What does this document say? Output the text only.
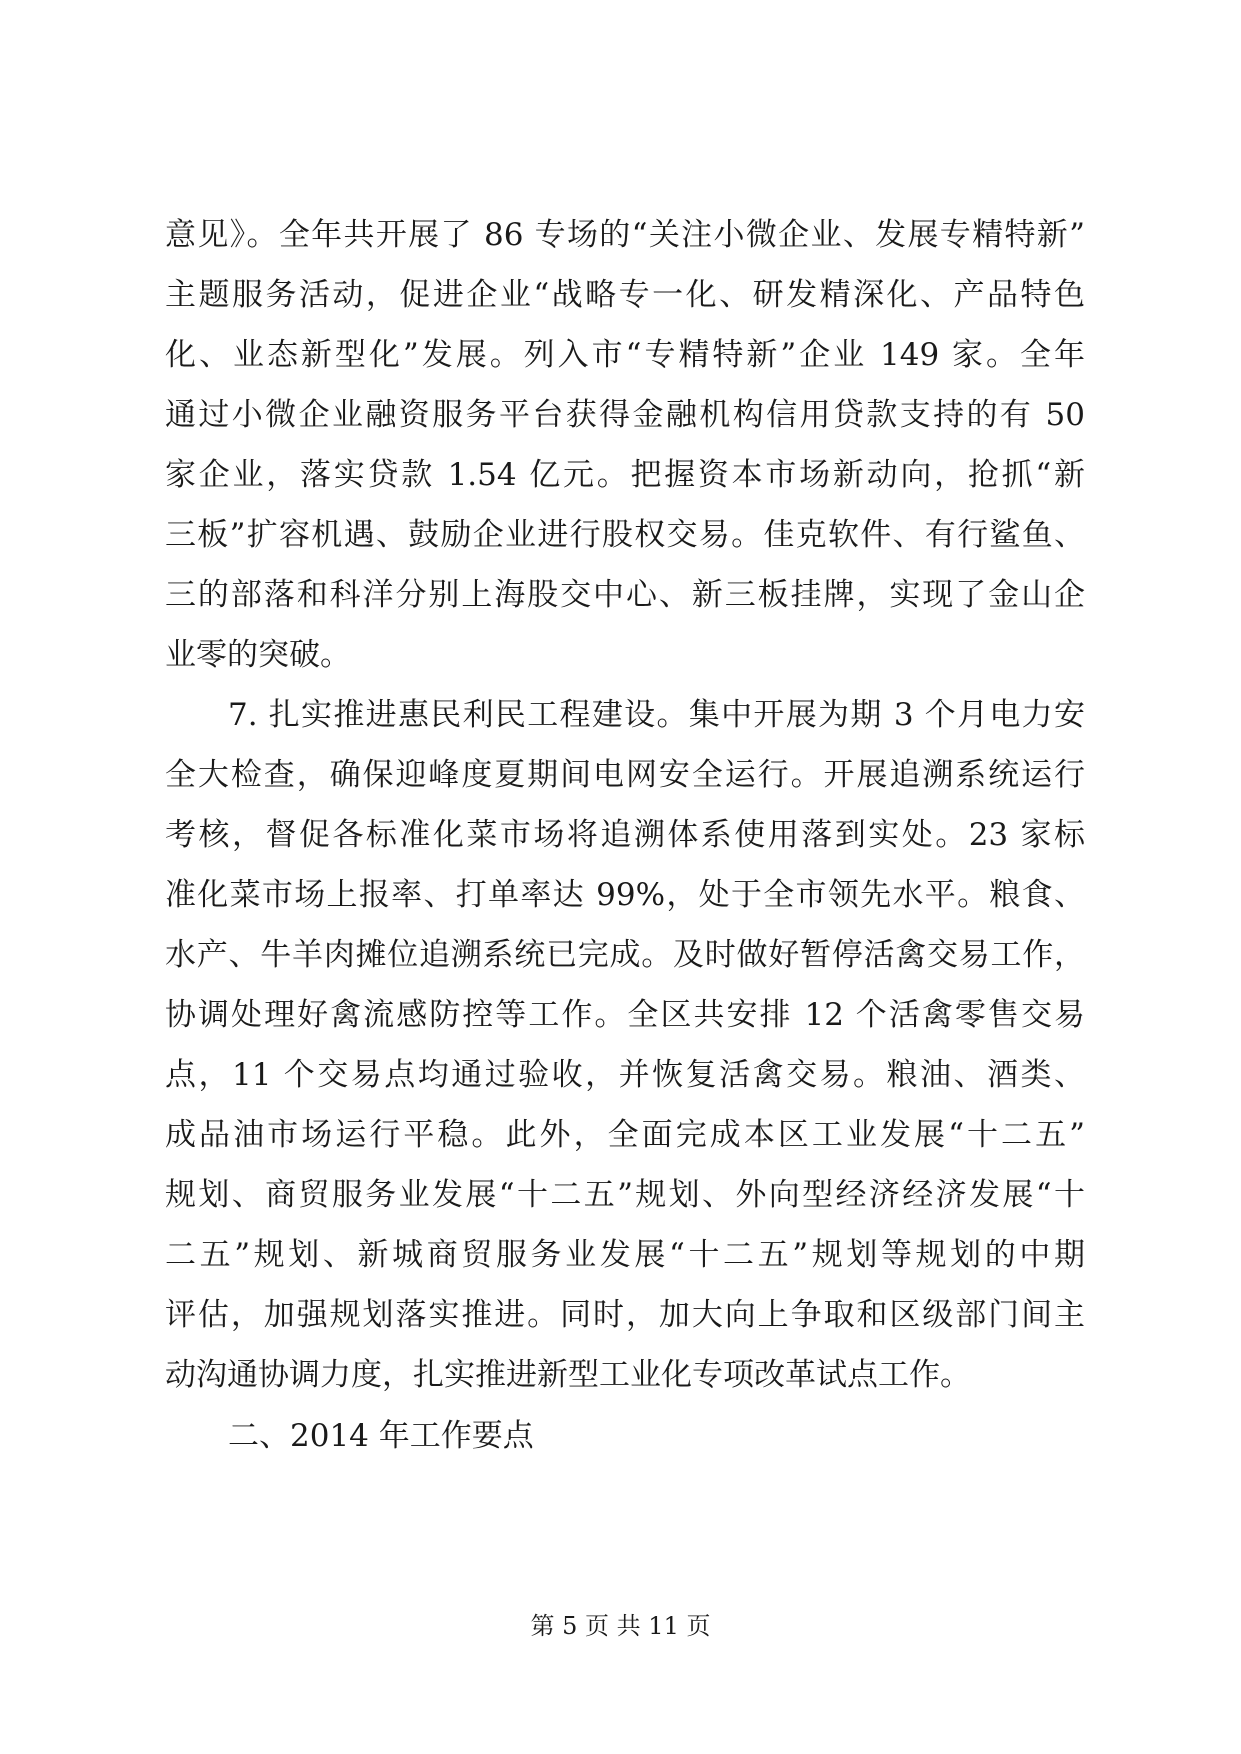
意见》。全年共开展了 86 专场的“关注小微企业、发展专精特新”
主题服务活动，促进企业“战略专一化、研发精深化、产品特色
化、业态新型化”发展。列入市“专精特新”企业 149 家。全年
通过小微企业融资服务平台获得金融机构信用贷款支持的有 50
家企业，落实贷款 1.54 亿元。把握资本市场新动向，抢抓“新
三板”扩容机遇、鼓励企业进行股权交易。佳克软件、有行鲨鱼、
三的部落和科洋分别上海股交中心、新三板挂牌，实现了金山企
业零的突破。
7. 扎实推进惠民利民工程建设。集中开展为期 3 个月电力安
全大检查，确保迎峰度夏期间电网安全运行。开展追溯系统运行
考核，督促各标准化菜市场将追溯体系使用落到实处。23 家标
准化菜市场上报率、打单率达 99%，处于全市领先水平。粮食、
水产、牛羊肉摊位追溯系统已完成。及时做好暂停活禽交易工作，
协调处理好禽流感防控等工作。全区共安排 12 个活禽零售交易
点，11 个交易点均通过验收，并恢复活禽交易。粮油、酒类、
成品油市场运行平稳。此外，全面完成本区工业发展“十二五”
规划、商贸服务业发展“十二五”规划、外向型经济经济发展“十
二五”规划、新城商贸服务业发展“十二五”规划等规划的中期
评估，加强规划落实推进。同时，加大向上争取和区级部门间主
动沟通协调力度，扎实推进新型工业化专项改革试点工作。
二、2014 年工作要点
第 5 页 共 11 页
